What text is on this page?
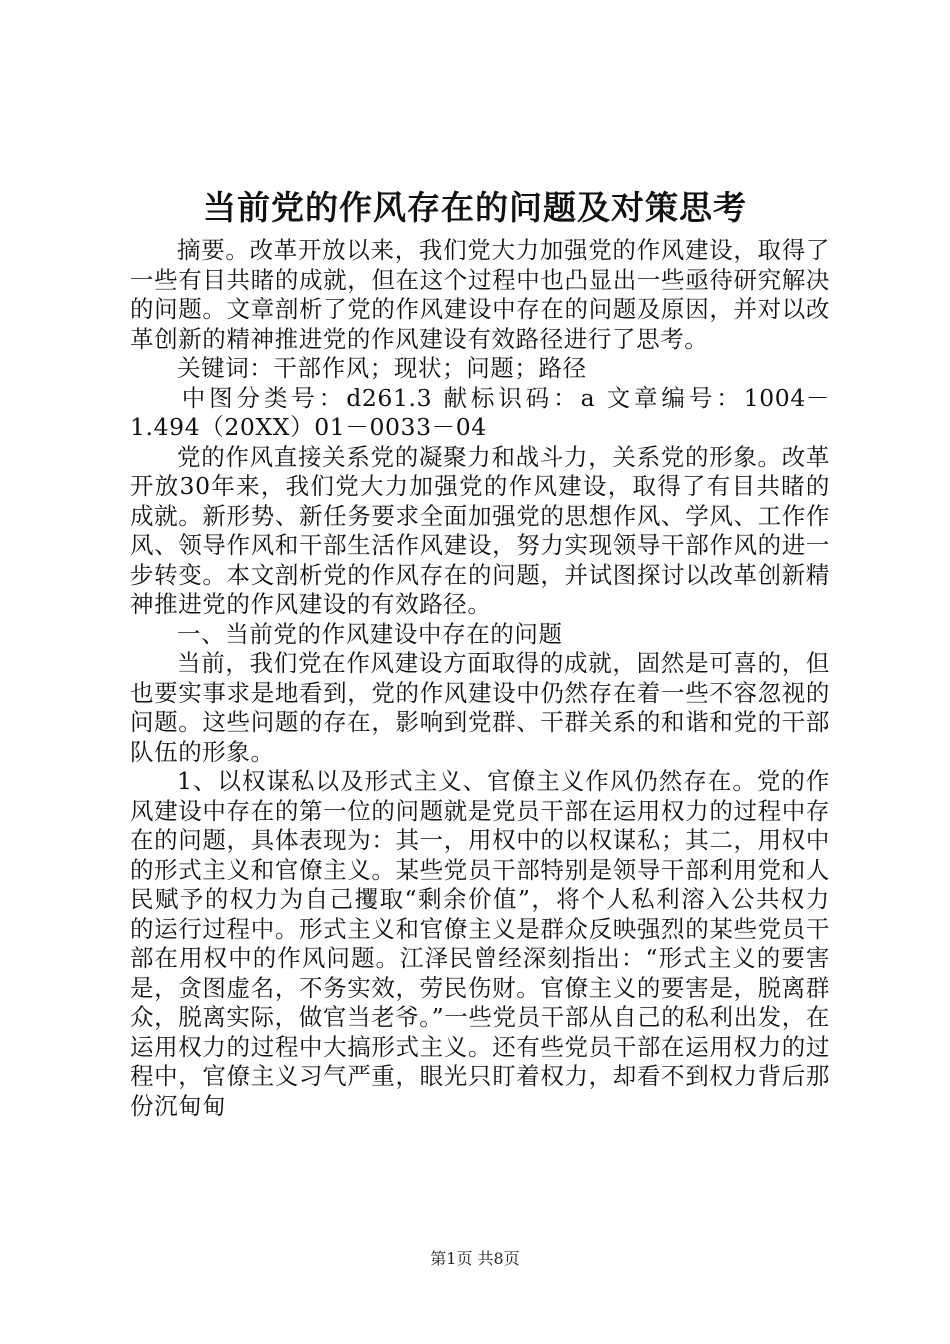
当前党的作风存在的问题及对策思考

摘要。改革开放以来，我们党大力加强党的作风建设，取得了一些有目共睹的成就，但在这个过程中也凸显出一些亟待研究解决的问题。文章剖析了党的作风建设中存在的问题及原因，并对以改革创新的精神推进党的作风建设有效路径进行了思考。

关键词：干部作风；现状；问题；路径

中图分类号：d261.3 献标识码：a 文章编号：1004－1.494（20XX）01－0033－04

党的作风直接关系党的凝聚力和战斗力，关系党的形象。改革开放30年来，我们党大力加强党的作风建设，取得了有目共睹的成就。新形势、新任务要求全面加强党的思想作风、学风、工作作风、领导作风和干部生活作风建设，努力实现领导干部作风的进一步转变。本文剖析党的作风存在的问题，并试图探讨以改革创新精神推进党的作风建设的有效路径。

一、当前党的作风建设中存在的问题

当前，我们党在作风建设方面取得的成就，固然是可喜的，但也要实事求是地看到，党的作风建设中仍然存在着一些不容忽视的问题。这些问题的存在，影响到党群、干群关系的和谐和党的干部队伍的形象。

1、以权谋私以及形式主义、官僚主义作风仍然存在。党的作风建设中存在的第一位的问题就是党员干部在运用权力的过程中存在的问题，具体表现为：其一，用权中的以权谋私；其二，用权中的形式主义和官僚主义。某些党员干部特别是领导干部利用党和人民赋予的权力为自己攫取“剩余价值”，将个人私利溶入公共权力的运行过程中。形式主义和官僚主义是群众反映强烈的某些党员干部在用权中的作风问题。江泽民曾经深刻指出：“形式主义的要害是，贪图虚名，不务实效，劳民伤财。官僚主义的要害是，脱离群众，脱离实际，做官当老爷。”一些党员干部从自己的私利出发，在运用权力的过程中大搞形式主义。还有些党员干部在运用权力的过程中，官僚主义习气严重，眼光只盯着权力，却看不到权力背后那份沉甸甸

第1页 共8页
